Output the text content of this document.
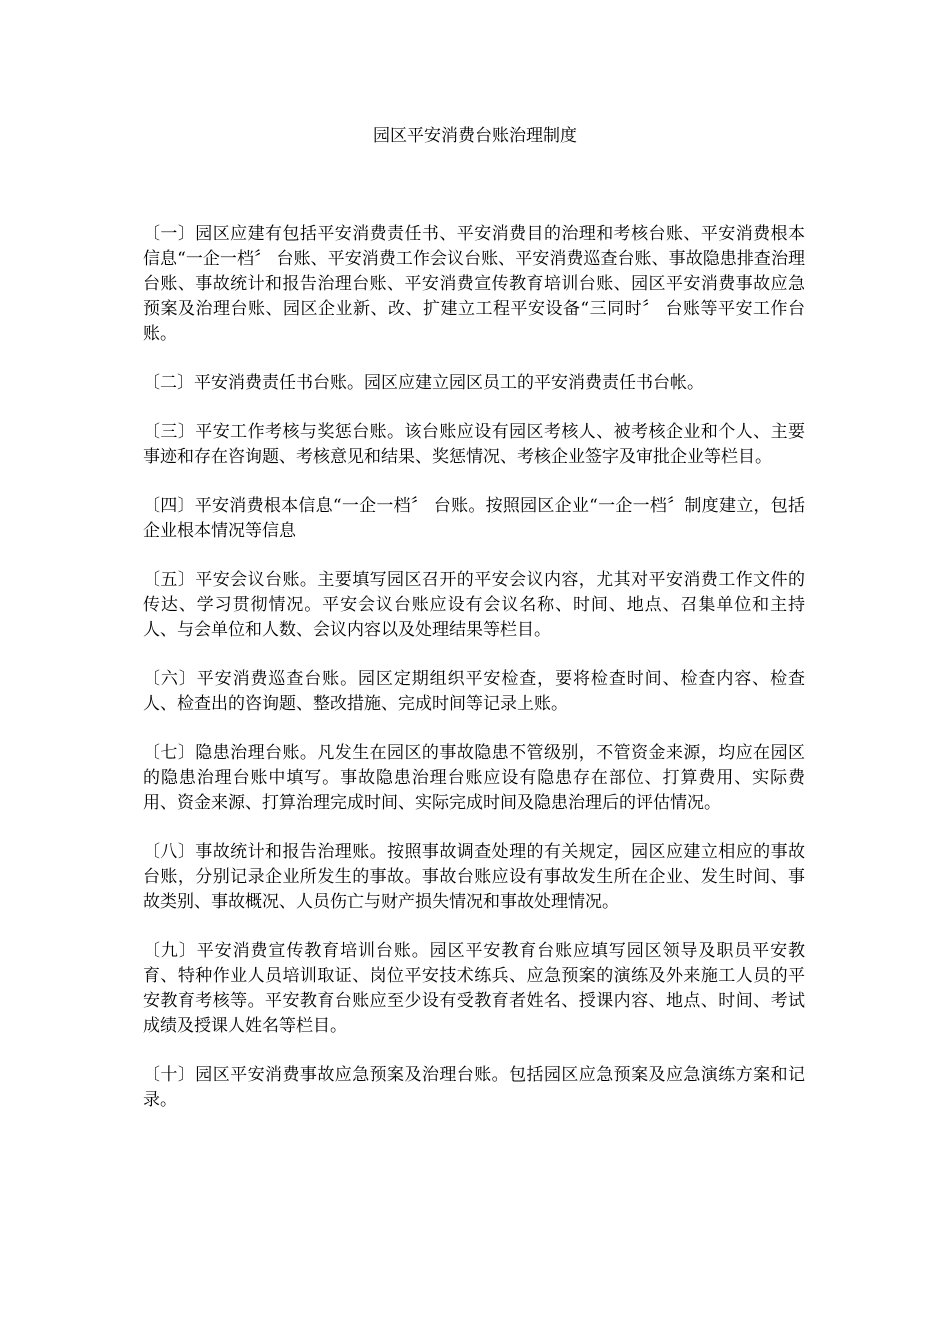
园区平安消费台账治理制度

〔一〕园区应建有包括平安消费责任书、平安消费目的治理和考核台账、平安消费根本信息“一企一档〞 台账、平安消费工作会议台账、平安消费巡查台账、事故隐患排查治理台账、事故统计和报告治理台账、平安消费宣传教育培训台账、园区平安消费事故应急预案及治理台账、园区企业新、改、扩建立工程平安设备“三同时〞 台账等平安工作台账。

〔二〕平安消费责任书台账。园区应建立园区员工的平安消费责任书台帐。

〔三〕平安工作考核与奖惩台账。该台账应设有园区考核人、被考核企业和个人、主要事迹和存在咨询题、考核意见和结果、奖惩情况、考核企业签字及审批企业等栏目。

〔四〕平安消费根本信息“一企一档〞 台账。按照园区企业“一企一档〞制度建立，包括企业根本情况等信息

〔五〕平安会议台账。主要填写园区召开的平安会议内容，尤其对平安消费工作文件的传达、学习贯彻情况。平安会议台账应设有会议名称、时间、地点、召集单位和主持人、与会单位和人数、会议内容以及处理结果等栏目。

〔六〕平安消费巡查台账。园区定期组织平安检查，要将检查时间、检查内容、检查人、检查出的咨询题、整改措施、完成时间等记录上账。

〔七〕隐患治理台账。凡发生在园区的事故隐患不管级别，不管资金来源，均应在园区的隐患治理台账中填写。事故隐患治理台账应设有隐患存在部位、打算费用、实际费用、资金来源、打算治理完成时间、实际完成时间及隐患治理后的评估情况。

〔八〕事故统计和报告治理账。按照事故调查处理的有关规定，园区应建立相应的事故台账，分别记录企业所发生的事故。事故台账应设有事故发生所在企业、发生时间、事故类别、事故概况、人员伤亡与财产损失情况和事故处理情况。

〔九〕平安消费宣传教育培训台账。园区平安教育台账应填写园区领导及职员平安教育、特种作业人员培训取证、岗位平安技术练兵、应急预案的演练及外来施工人员的平安教育考核等。平安教育台账应至少设有受教育者姓名、授课内容、地点、时间、考试成绩及授课人姓名等栏目。

〔十〕园区平安消费事故应急预案及治理台账。包括园区应急预案及应急演练方案和记录。
